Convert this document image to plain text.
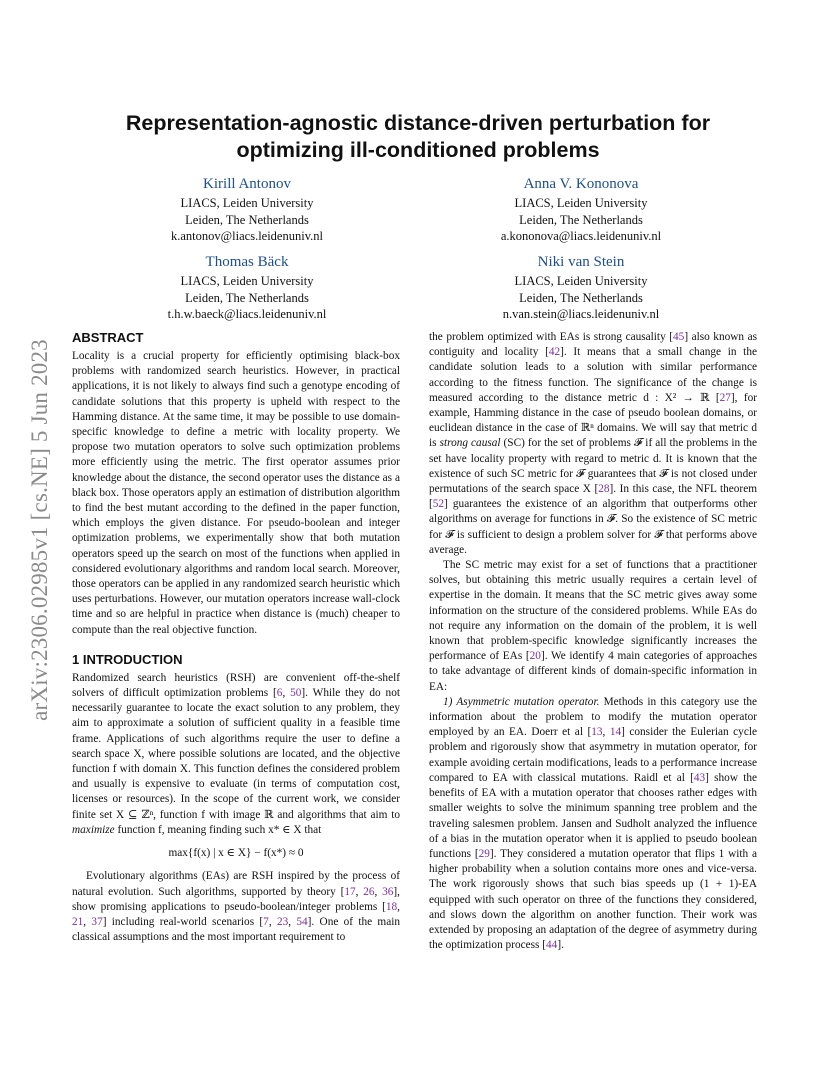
arXiv:2306.02985v1 [cs.NE] 5 Jun 2023
Representation-agnostic distance-driven perturbation for optimizing ill-conditioned problems
Kirill Antonov
LIACS, Leiden University
Leiden, The Netherlands
k.antonov@liacs.leidenuniv.nl
Anna V. Kononova
LIACS, Leiden University
Leiden, The Netherlands
a.kononova@liacs.leidenuniv.nl
Thomas Bäck
LIACS, Leiden University
Leiden, The Netherlands
t.h.w.baeck@liacs.leidenuniv.nl
Niki van Stein
LIACS, Leiden University
Leiden, The Netherlands
n.van.stein@liacs.leidenuniv.nl
ABSTRACT

Locality is a crucial property for efficiently optimising black-box problems with randomized search heuristics. However, in practical applications, it is not likely to always find such a genotype encoding of candidate solutions that this property is upheld with respect to the Hamming distance. At the same time, it may be possible to use domain-specific knowledge to define a metric with locality property. We propose two mutation operators to solve such optimization problems more efficiently using the metric. The first operator assumes prior knowledge about the distance, the second operator uses the distance as a black box. Those operators apply an estimation of distribution algorithm to find the best mutant according to the defined in the paper function, which employs the given distance. For pseudo-boolean and integer optimization problems, we experimentally show that both mutation operators speed up the search on most of the functions when applied in considered evolutionary algorithms and random local search. Moreover, those operators can be applied in any randomized search heuristic which uses perturbations. However, our mutation operators increase wall-clock time and so are helpful in practice when distance is (much) cheaper to compute than the real objective function.

1 INTRODUCTION

Randomized search heuristics (RSH) are convenient off-the-shelf solvers of difficult optimization problems [6, 50]. While they do not necessarily guarantee to locate the exact solution to any problem, they aim to approximate a solution of sufficient quality in a feasible time frame. Applications of such algorithms require the user to define a search space X, where possible solutions are located, and the objective function f with domain X. This function defines the considered problem and usually is expensive to evaluate (in terms of computation cost, licenses or resources). In the scope of the current work, we consider finite set X ⊆ ℤⁿ, function f with image ℝ and algorithms that aim to maximize function f, meaning finding such x* ∈ X that

max{f(x) | x ∈ X} − f(x*) ≈ 0

Evolutionary algorithms (EAs) are RSH inspired by the process of natural evolution. Such algorithms, supported by theory [17, 26, 36], show promising applications to pseudo-boolean/integer problems [18, 21, 37] including real-world scenarios [7, 23, 54]. One of the main classical assumptions and the most important requirement to

the problem optimized with EAs is strong causality [45] also known as contiguity and locality [42]. It means that a small change in the candidate solution leads to a solution with similar performance according to the fitness function. The significance of the change is measured according to the distance metric d : X² → ℝ [27], for example, Hamming distance in the case of pseudo boolean domains, or euclidean distance in the case of ℝⁿ domains. We will say that metric d is strong causal (SC) for the set of problems 𝓕 if all the problems in the set have locality property with regard to metric d. It is known that the existence of such SC metric for 𝓕 guarantees that 𝓕 is not closed under permutations of the search space X [28]. In this case, the NFL theorem [52] guarantees the existence of an algorithm that outperforms other algorithms on average for functions in 𝓕. So the existence of SC metric for 𝓕 is sufficient to design a problem solver for 𝓕 that performs above average.

The SC metric may exist for a set of functions that a practitioner solves, but obtaining this metric usually requires a certain level of expertise in the domain. It means that the SC metric gives away some information on the structure of the considered problems. While EAs do not require any information on the domain of the problem, it is well known that problem-specific knowledge significantly increases the performance of EAs [20]. We identify 4 main categories of approaches to take advantage of different kinds of domain-specific information in EA:

1) Asymmetric mutation operator. Methods in this category use the information about the problem to modify the mutation operator employed by an EA. Doerr et al [13, 14] consider the Eulerian cycle problem and rigorously show that asymmetry in mutation operator, for example avoiding certain modifications, leads to a performance increase compared to EA with classical mutations. Raidl et al [43] show the benefits of EA with a mutation operator that chooses rather edges with smaller weights to solve the minimum spanning tree problem and the traveling salesmen problem. Jansen and Sudholt analyzed the influence of a bias in the mutation operator when it is applied to pseudo boolean functions [29]. They considered a mutation operator that flips 1 with a higher probability when a solution contains more ones and vice-versa. The work rigorously shows that such bias speeds up (1 + 1)-EA equipped with such operator on three of the functions they considered, and slows down the algorithm on another function. Their work was extended by proposing an adaptation of the degree of asymmetry during the optimization process [44].
